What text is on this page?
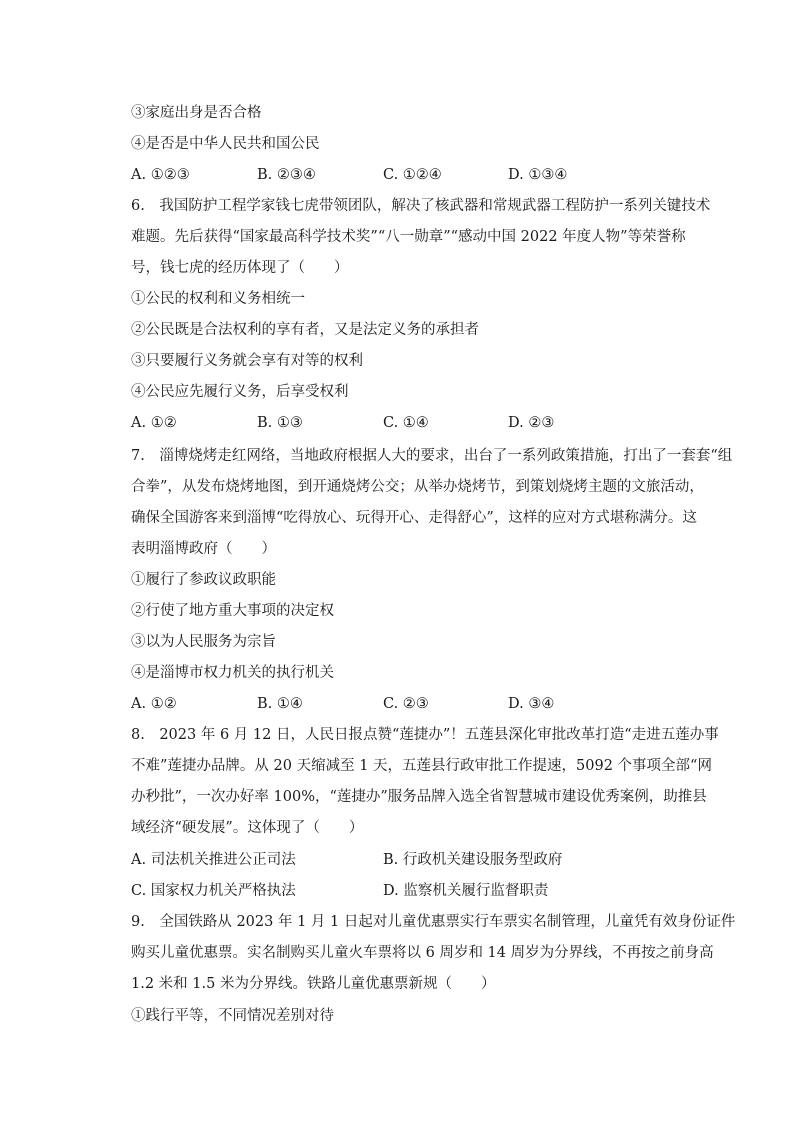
③家庭出身是否合格
④是否是中华人民共和国公民
A. ①②③	B. ②③④	C. ①②④	D. ①③④
6.　我国防护工程学家钱七虎带领团队，解决了核武器和常规武器工程防护一系列关键技术
难题。先后获得“国家最高科学技术奖”“八一勋章”“感动中国 2022 年度人物”等荣誉称
号，钱七虎的经历体现了（　　）
①公民的权利和义务相统一
②公民既是合法权利的享有者，又是法定义务的承担者
③只要履行义务就会享有对等的权利
④公民应先履行义务，后享受权利
A. ①②	B. ①③	C. ①④	D. ②③
7.　淄博烧烤走红网络，当地政府根据人大的要求，出台了一系列政策措施，打出了一套套“组
合拳”，从发布烧烤地图，到开通烧烤公交；从举办烧烤节，到策划烧烤主题的文旅活动，
确保全国游客来到淄博“吃得放心、玩得开心、走得舒心”，这样的应对方式堪称满分。这
表明淄博政府（　　）
①履行了参政议政职能
②行使了地方重大事项的决定权
③以为人民服务为宗旨
④是淄博市权力机关的执行机关
A. ①②	B. ①④	C. ②③	D. ③④
8.　2023 年 6 月 12 日，人民日报点赞“莲捷办”！五莲县深化审批改革打造“走进五莲办事
不难”莲捷办品牌。从 20 天缩减至 1 天，五莲县行政审批工作提速，5092 个事项全部“网
办秒批”，一次办好率 100%，“莲捷办”服务品牌入选全省智慧城市建设优秀案例，助推县
域经济“硬发展”。这体现了（　　）
A. 司法机关推进公正司法	B. 行政机关建设服务型政府
C. 国家权力机关严格执法	D. 监察机关履行监督职责
9.　全国铁路从 2023 年 1 月 1 日起对儿童优惠票实行车票实名制管理，儿童凭有效身份证件
购买儿童优惠票。实名制购买儿童火车票将以 6 周岁和 14 周岁为分界线，不再按之前身高
1.2 米和 1.5 米为分界线。铁路儿童优惠票新规（　　）
①践行平等，不同情况差别对待
